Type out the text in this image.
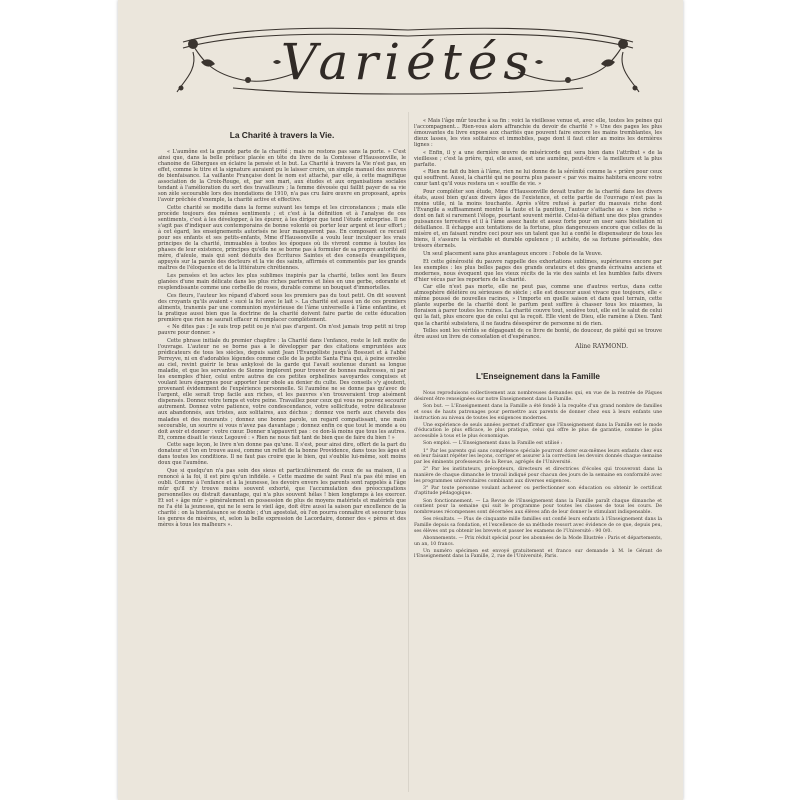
Variétés
La Charité à travers la Vie.

« L'aumône est la grande parte de la charité ; mais ne restons pas sans la porte. » C'est ainsi que, dans la belle préface placée en tête du livre de la Comtesse d'Haussonville, le chanoine de Gibergues en éclaire la pensée et le but. La Charité à travers la Vie n'est pas, en effet, comme le titre et la signature auraient pu le laisser croire, un simple manuel des œuvres de bienfaisance. La vaillante Française dont le nom est attaché, par elle, à cette magnifique association de la Croix-Rouge, et, par son mari, aux études et aux organisations sociales tendant à l'amélioration du sort des travailleurs ; la femme dévouée qui faillit payer de sa vie son zèle secourable lors des inondations de 1910, n'a pas cru faire œuvre en proposant, après l'avoir prêchée d'exemple, la charité active et effective.

Cette charité se modifie dans la forme suivant les temps et les circonstances ; mais elle procède toujours des mêmes sentiments ; et c'est à la définition et à l'analyse de ces sentiments, c'est à les développer, à les épurer, à les diriger que tend l'étude entreprise. Il ne s'agit pas d'indiquer aux contemporains de bonne volonté où porter leur argent et leur effort ; à cet égard, les enseignements autorisés ne leur manqueront pas. En composant ce recueil pour ses enfants et ses petits-enfants, Mme d'Haussonville a voulu leur inculquer les vrais principes de la charité, immuables à toutes les époques où ils vivront comme à toutes les phases de leur existence, principes qu'elle ne se borne pas à formuler de sa propre autorité de mère, d'aïeule, mais qui sont déduits des Écritures Saintes et des conseils évangéliques, appuyés sur la parole des docteurs et la vie des saints, affirmés et commentés par les grands maîtres de l'éloquence et de la littérature chrétiennes.

Les pensées et les actes les plus sublimes inspirés par la charité, telles sont les fleurs glanées d'une main délicate dans les plus riches parterres et liées en une gerbe, odorante et resplendissante comme une corbeille de roses, durable comme un bouquet d'immortelles.

Ces fleurs, l'auteur les répand d'abord sous les premiers pas du tout petit. On dit souvent des croyants qu'ils avaient « sucé la foi avec le lait ». La charité est aussi un de ces premiers aliments, transmis par une communion mystérieuse de l'âme universelle à l'âme enfantine, et la pratique aussi bien que la doctrine de la charité doivent faire partie de cette éducation première que rien ne saurait effacer ni remplacer complètement.

« Ne dites pas : Je suis trop petit ou je n'ai pas d'argent. On n'est jamais trop petit ni trop pauvre pour donner. »

Cette phrase initiale du premier chapitre : la Charité dans l'enfance, reste le leit motiv de l'ouvrage. L'auteur ne se borne pas à le développer par des citations empruntées aux prédicateurs de tous les siècles, depuis saint Jean l'Évangéliste jusqu'à Bossuet et à l'abbé Perreyve, ni en d'adorables légendes comme celle de la petite Santa Fina qui, à peine envolée au ciel, revint guérir le bras ankylosé de la garde qui l'avait soutenue durant sa longue maladie, et que les servantes de Sienne implorent pour trouver de bonnes maîtresses, ni par les exemples d'hier, celui entre autres de ces petites orphelines savoyardes conquises et voulant leurs épargnes pour apporter leur obole au denier du culte. Des conseils s'y ajoutent, provenant évidemment de l'expérience personnelle. Si l'aumône ne se donne pas qu'avec de l'argent, elle serait trop facile aux riches, et les pauvres s'en trouveraient trop aisément dispensés. Donnez votre temps et votre peine. Travaillez pour ceux qui vous ne pouvez secourir autrement. Donnez votre patience, votre condescendance, votre sollicitude, votre délicatesse aux abandonnés, aux tristes, aux solitaires, aux déchus ; donnez vos nerfs aux chevets des malades et des mourants ; donnez une bonne parole, un regard compatissant, une main secourable, un sourire si vous n'avez pas davantage ; donnez enfin ce que tout le monde a ou doit avoir et donner : votre cœur. Donner n'appauvrit pas : ce don-là moins que tous les autres. Et, comme disait le vieux Legouvé : « Rien ne nous fait tant de bien que de faire du bien ! »

Cette sage leçon, le livre n'en donne pas qu'une. Il s'est, pour ainsi dire, offert de la part du donateur et l'on en trouve aussi, comme un reflet de la bonne Providence, dans tous les âges et dans toutes les conditions. Il ne faut pas croire que le bien, qui s'oublie lui-même, soit moins doux que l'aumône.

Que si quelqu'un n'a pas soin des sieus et particulièrement de ceux de sa maison, il a renoncé à la foi, il est pire qu'un infidèle. « Cette maxime de saint Paul n'a pas été mise en oubli. Comme à l'enfance et à la jeunesse, les devoirs envers les parents sont rappelés à l'âge mûr qu'il n'y trouve moins souvent exhorté, que l'accumulation des préoccupations personnelles ou distrait davantage, qui n'a plus souvent hélas ! bien longtemps à les exercer. Et sot « âge mûr » généralement en possession de plus de moyens matériels et matériels que ne l'a été la jeunesse, qui ne le sera le vieil âge, doit être aussi la saison par excellence de la charité : on la bienfaisance se double ; d'un apostolat, où l'on pourra connaître et secourir tous les genres de misères, et, selon la belle expression de Lacordaire, donner des « pères et des mères à tous les malheurs ».

« Mais l'âge mûr touche à sa fin : voici la vieillesse venue et, avec elle, toutes les peines qui l'accompagnent... Rien-vous alors affranchie du devoir de charité ? » Une des pages les plus émouvantes du livre expose aux charités que pouvent faire encore les mains tremblantes, les dieux lasses, les vies solitaires et immobiles, page dont il faut citer au moins les dernières lignes :

« Enfin, il y a une dernière œuvre de miséricorde qui sera bien dans l'attribut « de la vieillesse ; c'est la prière, qui, elle aussi, est une aumône, peut-être « la meilleure et la plus parfaite.

« Rien ne fait du bien à l'âme, rien ne lui donne de la sérénité comme la « prière pour ceux qui souffrent. Aussi, la charité qui ne pourra plus passer « par vos mains habitera encore votre cœur tant qu'il vous restera un « souffle de vie. »

Pour compléter son étude, Mme d'Haussonville devait traiter de la charité dans les divers états, aussi bien qu'aux divers âges de l'existence, et cette partie de l'ouvrage n'est pas la moins utile, ni la moins touchante. Après s'être refusé à parler du mauvais riche dont l'Évangile a suffisamment montré la faute et la punition, l'auteur s'attache au « bon riche » dont on fait si rarement l'éloge, pourtant souvent mérité. Celui-là défiant une des plus grandes puissances terrestres et il à l'âme assez haute et assez forte pour en user sans hésitation ni défaillance. Il échappe aux tentations de la fortune, plus dangereuses encore que celles de la misère et, en faisant rendre ceci pour ses un talent que lui a confié le dispensateur de tous les biens, il s'assure la véritable et durable opulence ; il achète, de sa fortune périssable, des trésors éternels.

Un seul placement sans plus avantageux encore : l'obole de la Veuve.

Et cette générosité du pauvre rappelle des exhortations sublimes, supérieures encore par les exemples : les plus belles pages des grands orateurs et des grands écrivains anciens et modernes, nous évoquent que les vieux récits de la vie des saints et les humbles faits divers d'hier vécus par les reporters de la charité.

Car elle n'est pas morte, elle ne peut pas, comme une d'autres vertus, dans cette atmosphère délétère ou sérieuses de siècle ; elle est douceur aussi vivace que toujours, elle « même poussé de nouvelles racines, » l'importe en quelle saison et dans quel terrain, cette plante superbe de la charité dont le parfum peut suffire à chasser tous les miasmes, la floraison à parer toutes les ruines. La charité couvre tout, soulève tout, elle est le salut de celui qui la fait, plus encore que de celui qui la reçoit. Elle vient de Dieu, elle ramène à Dieu. Tant que la charité subsistera, il ne faudra désespérer de personne ni de rien.

Telles sont les vérités se dégageant de ce livre de bonté, de douceur, de piété qui se trouve être aussi un livre de consolation et d'espérance.

Aline RAYMOND.
L'Enseignement dans la Famille

Nous reproduisons collectivement aux nombreuses demandes qui, en vue de la rentrée de Pâques désirent être renseignées sur notre Enseignement dans la Famille.

Son but. — L'Enseignement dans la Famille a été fondé à la requête d'un grand nombre de familles et sous de hauts patronages pour permettre aux parents de donner chez eux à leurs enfants une instruction au niveau de toutes les exigences modernes.

Une expérience de seuls années permet d'affirmer que l'Enseignement dans la Famille est le mode d'éducation le plus efficace, le plus pratique, celui qui offre le plus de garantie, comme le plus accessible à tous et le plus économique.

Son emploi. — L'Enseignement dans la Famille est utilisé :

1° Par les parents qui sans compétence spéciale pourront dorer eux-mêmes leurs enfants chez eux en leur faisant répéter les leçons, corriger et assurer à la correction les devoirs donnés chaque semaine par les éminents professeurs de la Revue, agrégés de l'Université.

2° Par les instituteurs, précepteurs, directeurs et directrices d'écoles qui trouveront dans la manière de chaque dimanche le travail indiqué pour chacun des jours de la semaine en conformité avec les programmes universitaires combinant aux diverses exigences.

3° Par toute personne voulant achever ou perfectionner son éducation ou obtenir le certificat d'aptitude pédagogique.

Son fonctionnement. — La Revue de l'Enseignement dans la Famille paraît chaque dimanche et contient pour la semaine qui suit le programme pour toutes les classes de tous les cours. De nombreuses récompenses sont décernées aux élèves afin de leur donner le stimulant indispensable.

Ses résultats. — Plus de cinquante mille familles ont confié leurs enfants à l'Enseignement dans la Famille depuis sa fondation, et l'excellence de sa méthode ressort avec évidence de ce que, depuis peu, ses élèves ont pu obtenir les brevets et passer les examens de l'Université : 90 0/0.

Abonnements. — Prix réduit spécial pour les abonnées de la Mode Illustrée : Paris et départements, un an, 10 francs.

Un numéro spécimen est envoyé gratuitement et franco sur demande à M. le Gérant de l'Enseignement dans la Famille, 2, rue de l'Université, Paris.
